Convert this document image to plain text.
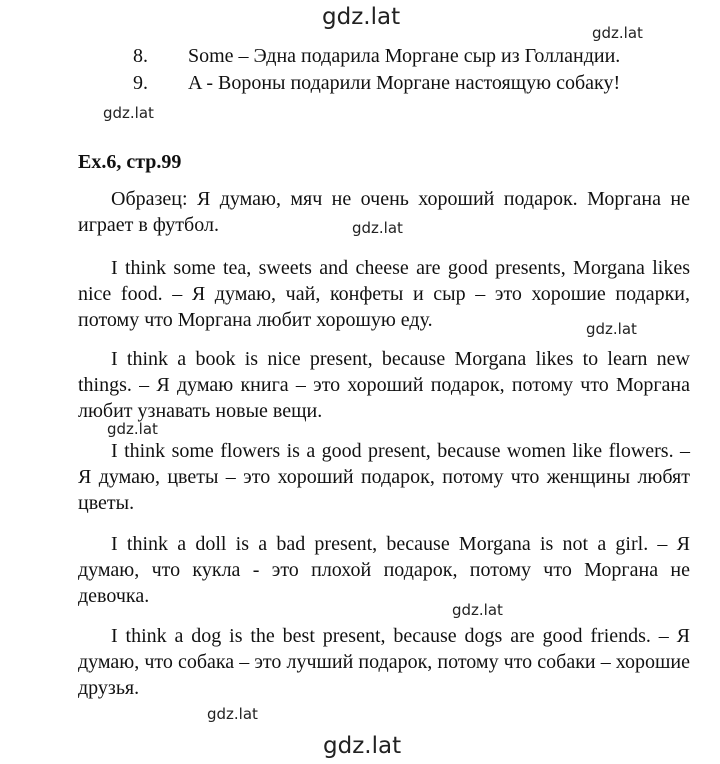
gdz.lat
gdz.lat
gdz.lat
gdz.lat
gdz.lat
gdz.lat
gdz.lat
gdz.lat
gdz.lat
8. Some – Эдна подарила Моргане сыр из Голландии.
9. A - Вороны подарили Моргане настоящую собаку!
Ex.6, стр.99
Образец: Я думаю, мяч не очень хороший подарок. Моргана не
играет в футбол.
I think some tea, sweets and cheese are good presents, Morgana likes
nice food. – Я думаю, чай, конфеты и сыр – это хорошие подарки,
потому что Моргана любит хорошую еду.
I think a book is nice present, because Morgana likes to learn new
things. – Я думаю книга – это хороший подарок, потому что Моргана
любит узнавать новые вещи.
I think some flowers is a good present, because women like flowers. –
Я думаю, цветы – это хороший подарок, потому что женщины любят
цветы.
I think a doll is a bad present, because Morgana is not a girl. – Я
думаю, что кукла - это плохой подарок, потому что Моргана не
девочка.
I think a dog is the best present, because dogs are good friends. – Я
думаю, что собака – это лучший подарок, потому что собаки – хорошие
друзья.
